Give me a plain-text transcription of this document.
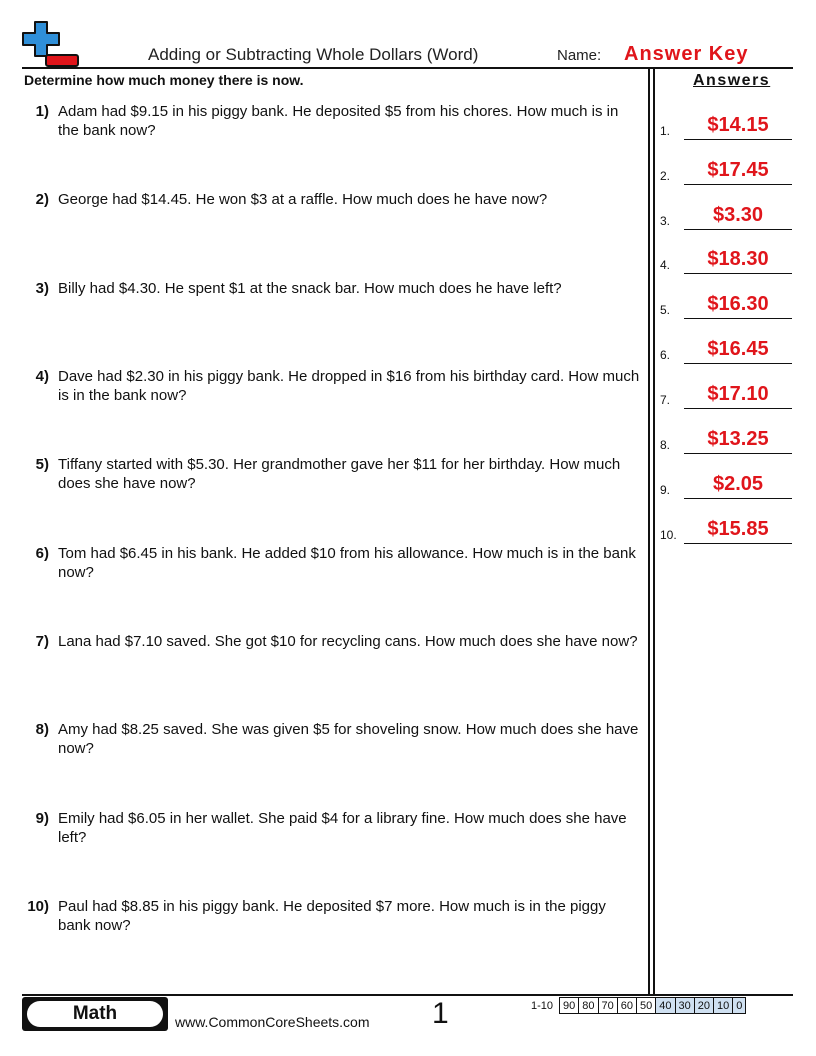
Adding or Subtracting Whole Dollars (Word)	Name: Answer Key
Determine how much money there is now.	Answers
1) Adam had $9.15 in his piggy bank. He deposited $5 from his chores. How much is in the bank now?
2) George had $14.45. He won $3 at a raffle. How much does he have now?
3) Billy had $4.30. He spent $1 at the snack bar. How much does he have left?
4) Dave had $2.30 in his piggy bank. He dropped in $16 from his birthday card. How much is in the bank now?
5) Tiffany started with $5.30. Her grandmother gave her $11 for her birthday. How much does she have now?
6) Tom had $6.45 in his bank. He added $10 from his allowance. How much is in the bank now?
7) Lana had $7.10 saved. She got $10 for recycling cans. How much does she have now?
8) Amy had $8.25 saved. She was given $5 for shoveling snow. How much does she have now?
9) Emily had $6.05 in her wallet. She paid $4 for a library fine. How much does she have left?
10) Paul had $8.85 in his piggy bank. He deposited $7 more. How much is in the piggy bank now?
1.	$14.15
2.	$17.45
3.	$3.30
4.	$18.30
5.	$16.30
6.	$16.45
7.	$17.10
8.	$13.25
9.	$2.05
10.	$15.85
Math	www.CommonCoreSheets.com 1	1-10	90	80	70	60	50	40	30	20	10	0
